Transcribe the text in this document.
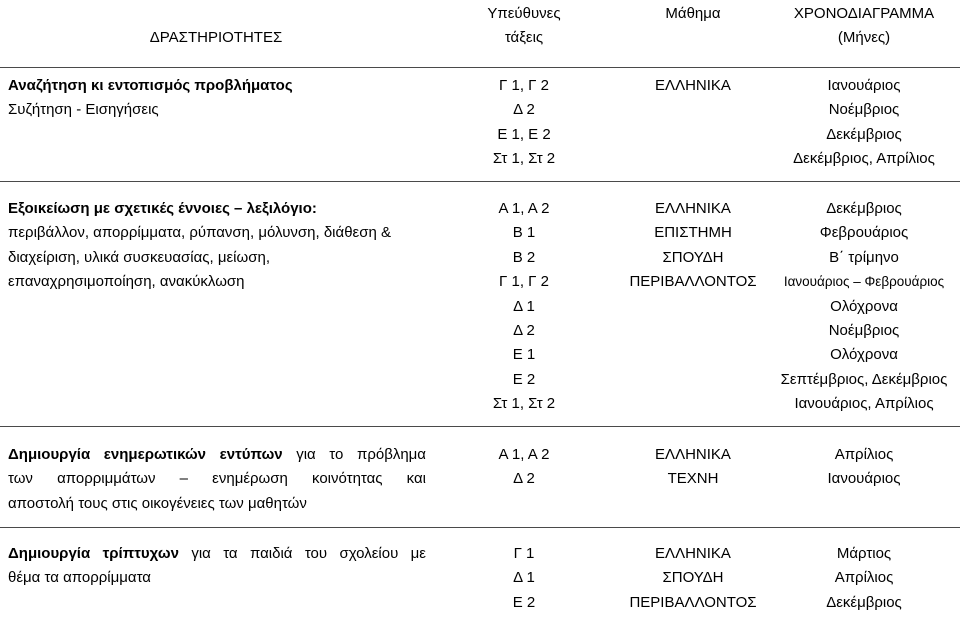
ΔΡΑΣΤΗΡΙΟΤΗΤΕΣ
Υπεύθυνες
τάξεις
Μάθημα	ΧΡΟΝΟΔΙΑΓΡΑΜΜΑ
(Μήνες)
Αναζήτηση κι εντοπισμός προβλήματος
Συζήτηση - Εισηγήσεις
Γ 1, Γ 2
Δ 2
Ε 1, Ε 2
Στ 1, Στ 2
ΕΛΛΗΝΙΚΑ	Ιανουάριος
Νοέμβριος
Δεκέμβριος
Δεκέμβριος, Απρίλιος
Εξοικείωση με σχετικές έννοιες – λεξιλόγιο:
περιβάλλον, απορρίμματα, ρύπανση, μόλυνση, διάθεση &
διαχείριση, υλικά συσκευασίας, μείωση,
επαναχρησιμοποίηση, ανακύκλωση
Α 1, Α 2
Β 1
Β 2
Γ 1, Γ 2
Δ 1
Δ 2
Ε 1
Ε 2
Στ 1, Στ 2
ΕΛΛΗΝΙΚΑ
ΕΠΙΣΤΗΜΗ
ΣΠΟΥΔΗ
ΠΕΡΙΒΑΛΛΟΝΤΟΣ
Δεκέμβριος
Φεβρουάριος
Β΄ τρίμηνο
Ιανουάριος – Φεβρουάριος
Ολόχρονα
Νοέμβριος
Ολόχρονα
Σεπτέμβριος, Δεκέμβριος
Ιανουάριος, Απρίλιος
Δημιουργία ενημερωτικών εντύπων για το πρόβλημα
των απορριμμάτων – ενημέρωση κοινότητας και
αποστολή τους στις οικογένειες των μαθητών
Α 1, Α 2
Δ 2
ΕΛΛΗΝΙΚΑ
ΤΕΧΝΗ
Απρίλιος
Ιανουάριος
Δημιουργία τρίπτυχων για τα παιδιά του σχολείου με
θέμα τα απορρίμματα
Γ 1
Δ 1
Ε 2
ΕΛΛΗΝΙΚΑ
ΣΠΟΥΔΗ
ΠΕΡΙΒΑΛΛΟΝΤΟΣ
Μάρτιος
Απρίλιος
Δεκέμβριος
